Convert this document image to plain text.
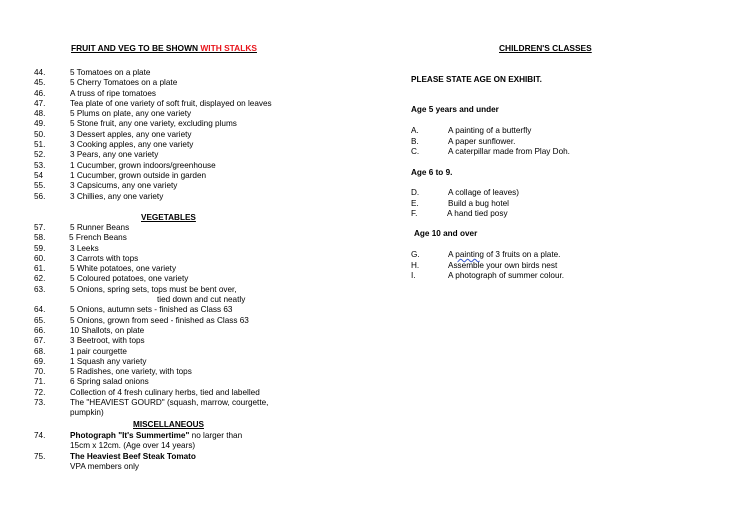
FRUIT AND VEG TO BE SHOWN WITH STALKS
44.	5 Tomatoes on a plate
45.	5 Cherry Tomatoes on a plate
46.	A truss of ripe tomatoes
47.	Tea plate of one variety of soft fruit, displayed on leaves
48.	5 Plums on plate, any one variety
49.	5 Stone fruit, any one variety, excluding plums
50.	3 Dessert apples, any one variety
51.	3 Cooking apples, any one variety
52.	3 Pears, any one variety
53.	1 Cucumber, grown indoors/greenhouse
54	1 Cucumber, grown outside in garden
55.	3 Capsicums, any one variety
56.	3 Chillies, any one variety
VEGETABLES
57.	5 Runner Beans
58.	5 French Beans
59.	3 Leeks
60.	3 Carrots with tops
61.	5 White potatoes, one variety
62.	5 Coloured potatoes, one variety
63.	5 Onions, spring sets, tops must be bent over,
tied down and cut neatly
64.	5 Onions, autumn sets - finished as Class 63
65.	5 Onions, grown from seed - finished as Class 63
66.	10 Shallots, on plate
67.	3 Beetroot, with tops
68.	1 pair courgette
69.	1 Squash any variety
70.	5 Radishes, one variety, with tops
71.	6 Spring salad onions
72.	Collection of 4 fresh culinary herbs, tied and labelled
73.	The "HEAVIEST GOURD" (squash, marrow, courgette,
pumpkin)
MISCELLANEOUS
74.	Photograph "It's Summertime" no larger than
15cm x 12cm. (Age over 14 years)
75.	The Heaviest Beef Steak Tomato
VPA members only
CHILDREN'S CLASSES
PLEASE STATE AGE ON EXHIBIT.
Age 5 years and under
A.	A painting of a butterfly
B.	A paper sunflower.
C.	A caterpillar made from Play Doh.
Age 6 to 9.
D.	A collage of leaves)
E.	Build a bug hotel
F.	A hand tied posy
Age 10 and over
G.	A painting of 3 fruits on a plate.
H.	Assemble your own birds nest
I.	A photograph of summer colour.
